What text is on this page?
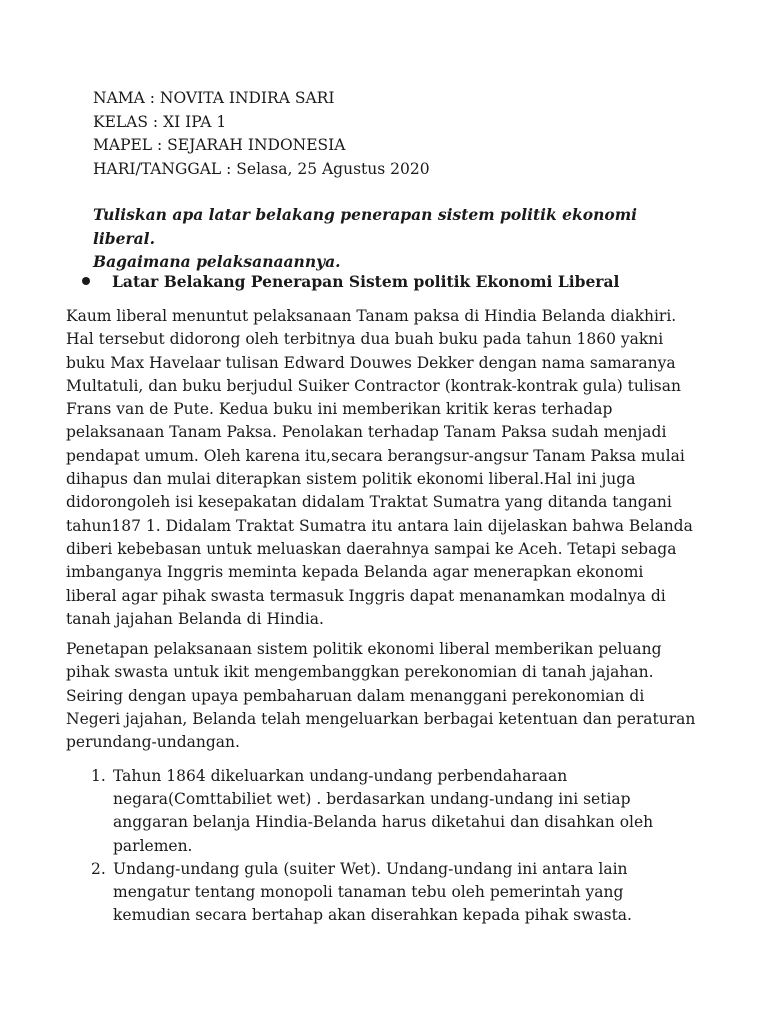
NAMA : NOVITA INDIRA SARI
KELAS : XI IPA 1
MAPEL : SEJARAH INDONESIA
HARI/TANGGAL : Selasa, 25 Agustus 2020
Tuliskan apa latar belakang penerapan sistem politik ekonomi liberal.
Bagaimana pelaksanaannya.
Latar Belakang Penerapan Sistem politik Ekonomi Liberal
Kaum liberal menuntut pelaksanaan Tanam paksa di Hindia Belanda diakhiri.
Hal tersebut didorong oleh terbitnya dua buah buku pada tahun 1860 yakni
buku Max Havelaar tulisan Edward Douwes Dekker dengan nama samaranya
Multatuli, dan buku berjudul Suiker Contractor (kontrak-kontrak gula) tulisan
Frans van de Pute. Kedua buku ini memberikan kritik keras terhadap
pelaksanaan Tanam Paksa. Penolakan terhadap Tanam Paksa sudah menjadi
pendapat umum. Oleh karena itu,secara berangsur-angsur Tanam Paksa mulai
dihapus dan mulai diterapkan sistem politik ekonomi liberal.Hal ini juga
didorongoleh isi kesepakatan didalam Traktat Sumatra yang ditanda tangani
tahun187 1. Didalam Traktat Sumatra itu antara lain dijelaskan bahwa Belanda
diberi kebebasan untuk meluaskan daerahnya sampai ke Aceh. Tetapi sebaga
imbanganya Inggris meminta kepada Belanda agar menerapkan ekonomi
liberal agar pihak swasta termasuk Inggris dapat menanamkan modalnya di
tanah jajahan Belanda di Hindia.
Penetapan pelaksanaan sistem politik ekonomi liberal memberikan peluang
pihak swasta untuk ikit mengembanggkan perekonomian di tanah jajahan.
Seiring dengan upaya pembaharuan dalam menanggani perekonomian di
Negeri jajahan, Belanda telah mengeluarkan berbagai ketentuan dan peraturan
perundang-undangan.
1. Tahun 1864 dikeluarkan undang-undang perbendaharaan
negara(Comttabiliet wet) . berdasarkan undang-undang ini setiap
anggaran belanja Hindia-Belanda harus diketahui dan disahkan oleh
parlemen.
2. Undang-undang gula (suiter Wet). Undang-undang ini antara lain
mengatur tentang monopoli tanaman tebu oleh pemerintah yang
kemudian secara bertahap akan diserahkan kepada pihak swasta.
